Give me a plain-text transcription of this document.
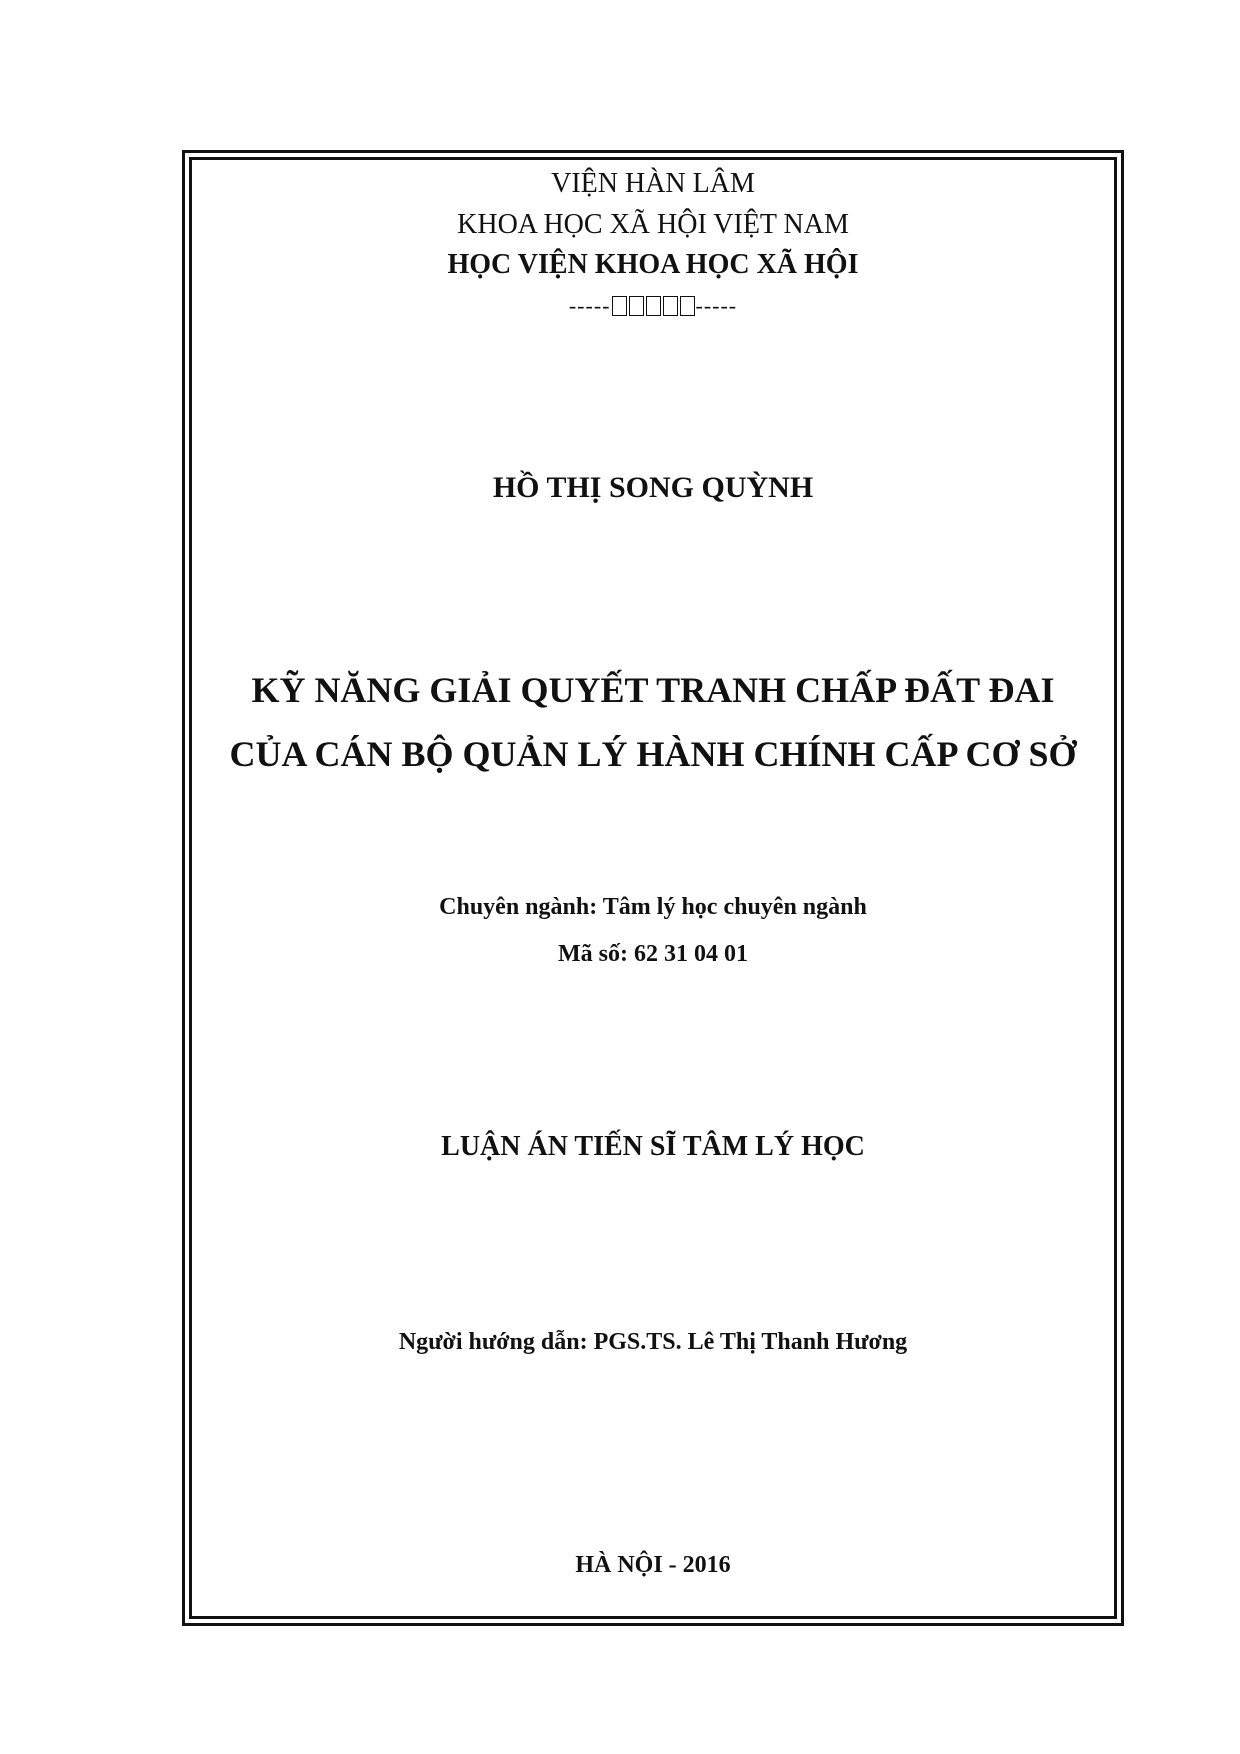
VIỆN HÀN LÂM
KHOA HỌC XÃ HỘI VIỆT NAM
HỌC VIỆN KHOA HỌC XÃ HỘI
-----	-----
HỒ THỊ SONG QUỲNH
KỸ NĂNG GIẢI QUYẾT TRANH CHẤP ĐẤT ĐAI
CỦA CÁN BỘ QUẢN LÝ HÀNH CHÍNH CẤP CƠ SỞ
Chuyên ngành: Tâm lý học chuyên ngành
Mã số: 62 31 04 01
LUẬN ÁN TIẾN SĨ TÂM LÝ HỌC
Người hướng dẫn: PGS.TS. Lê Thị Thanh Hương
HÀ NỘI - 2016
